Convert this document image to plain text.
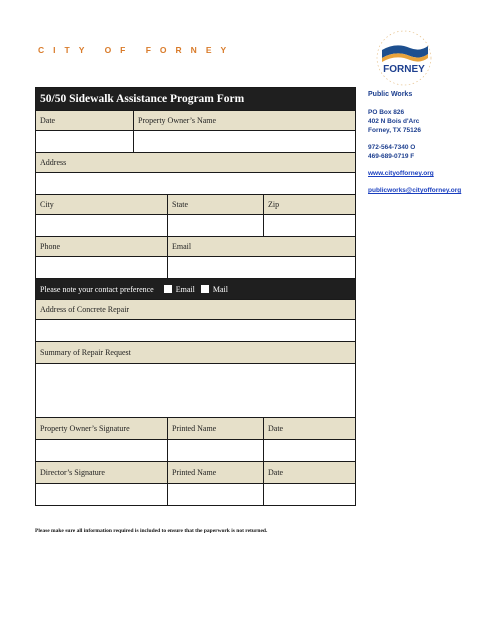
CITY OF FORNEY
FORNEY
Public Works
PO Box 826
402 N Bois d'Arc
Forney, TX 75126
972-564-7340 O
469-689-0719 F
www.cityofforney.org
publicworks@cityofforney.org
50/50 Sidewalk Assistance Program Form
Date	Property Owner’s Name
Address
City	State	Zip
Phone	Email
Please note your contact preference	Email Mail
Address of Concrete Repair
Summary of Repair Request
Property Owner’s Signature	Printed Name	Date
Director’s Signature	Printed Name	Date
Please make sure all information required is included to ensure that the paperwork is not returned.
